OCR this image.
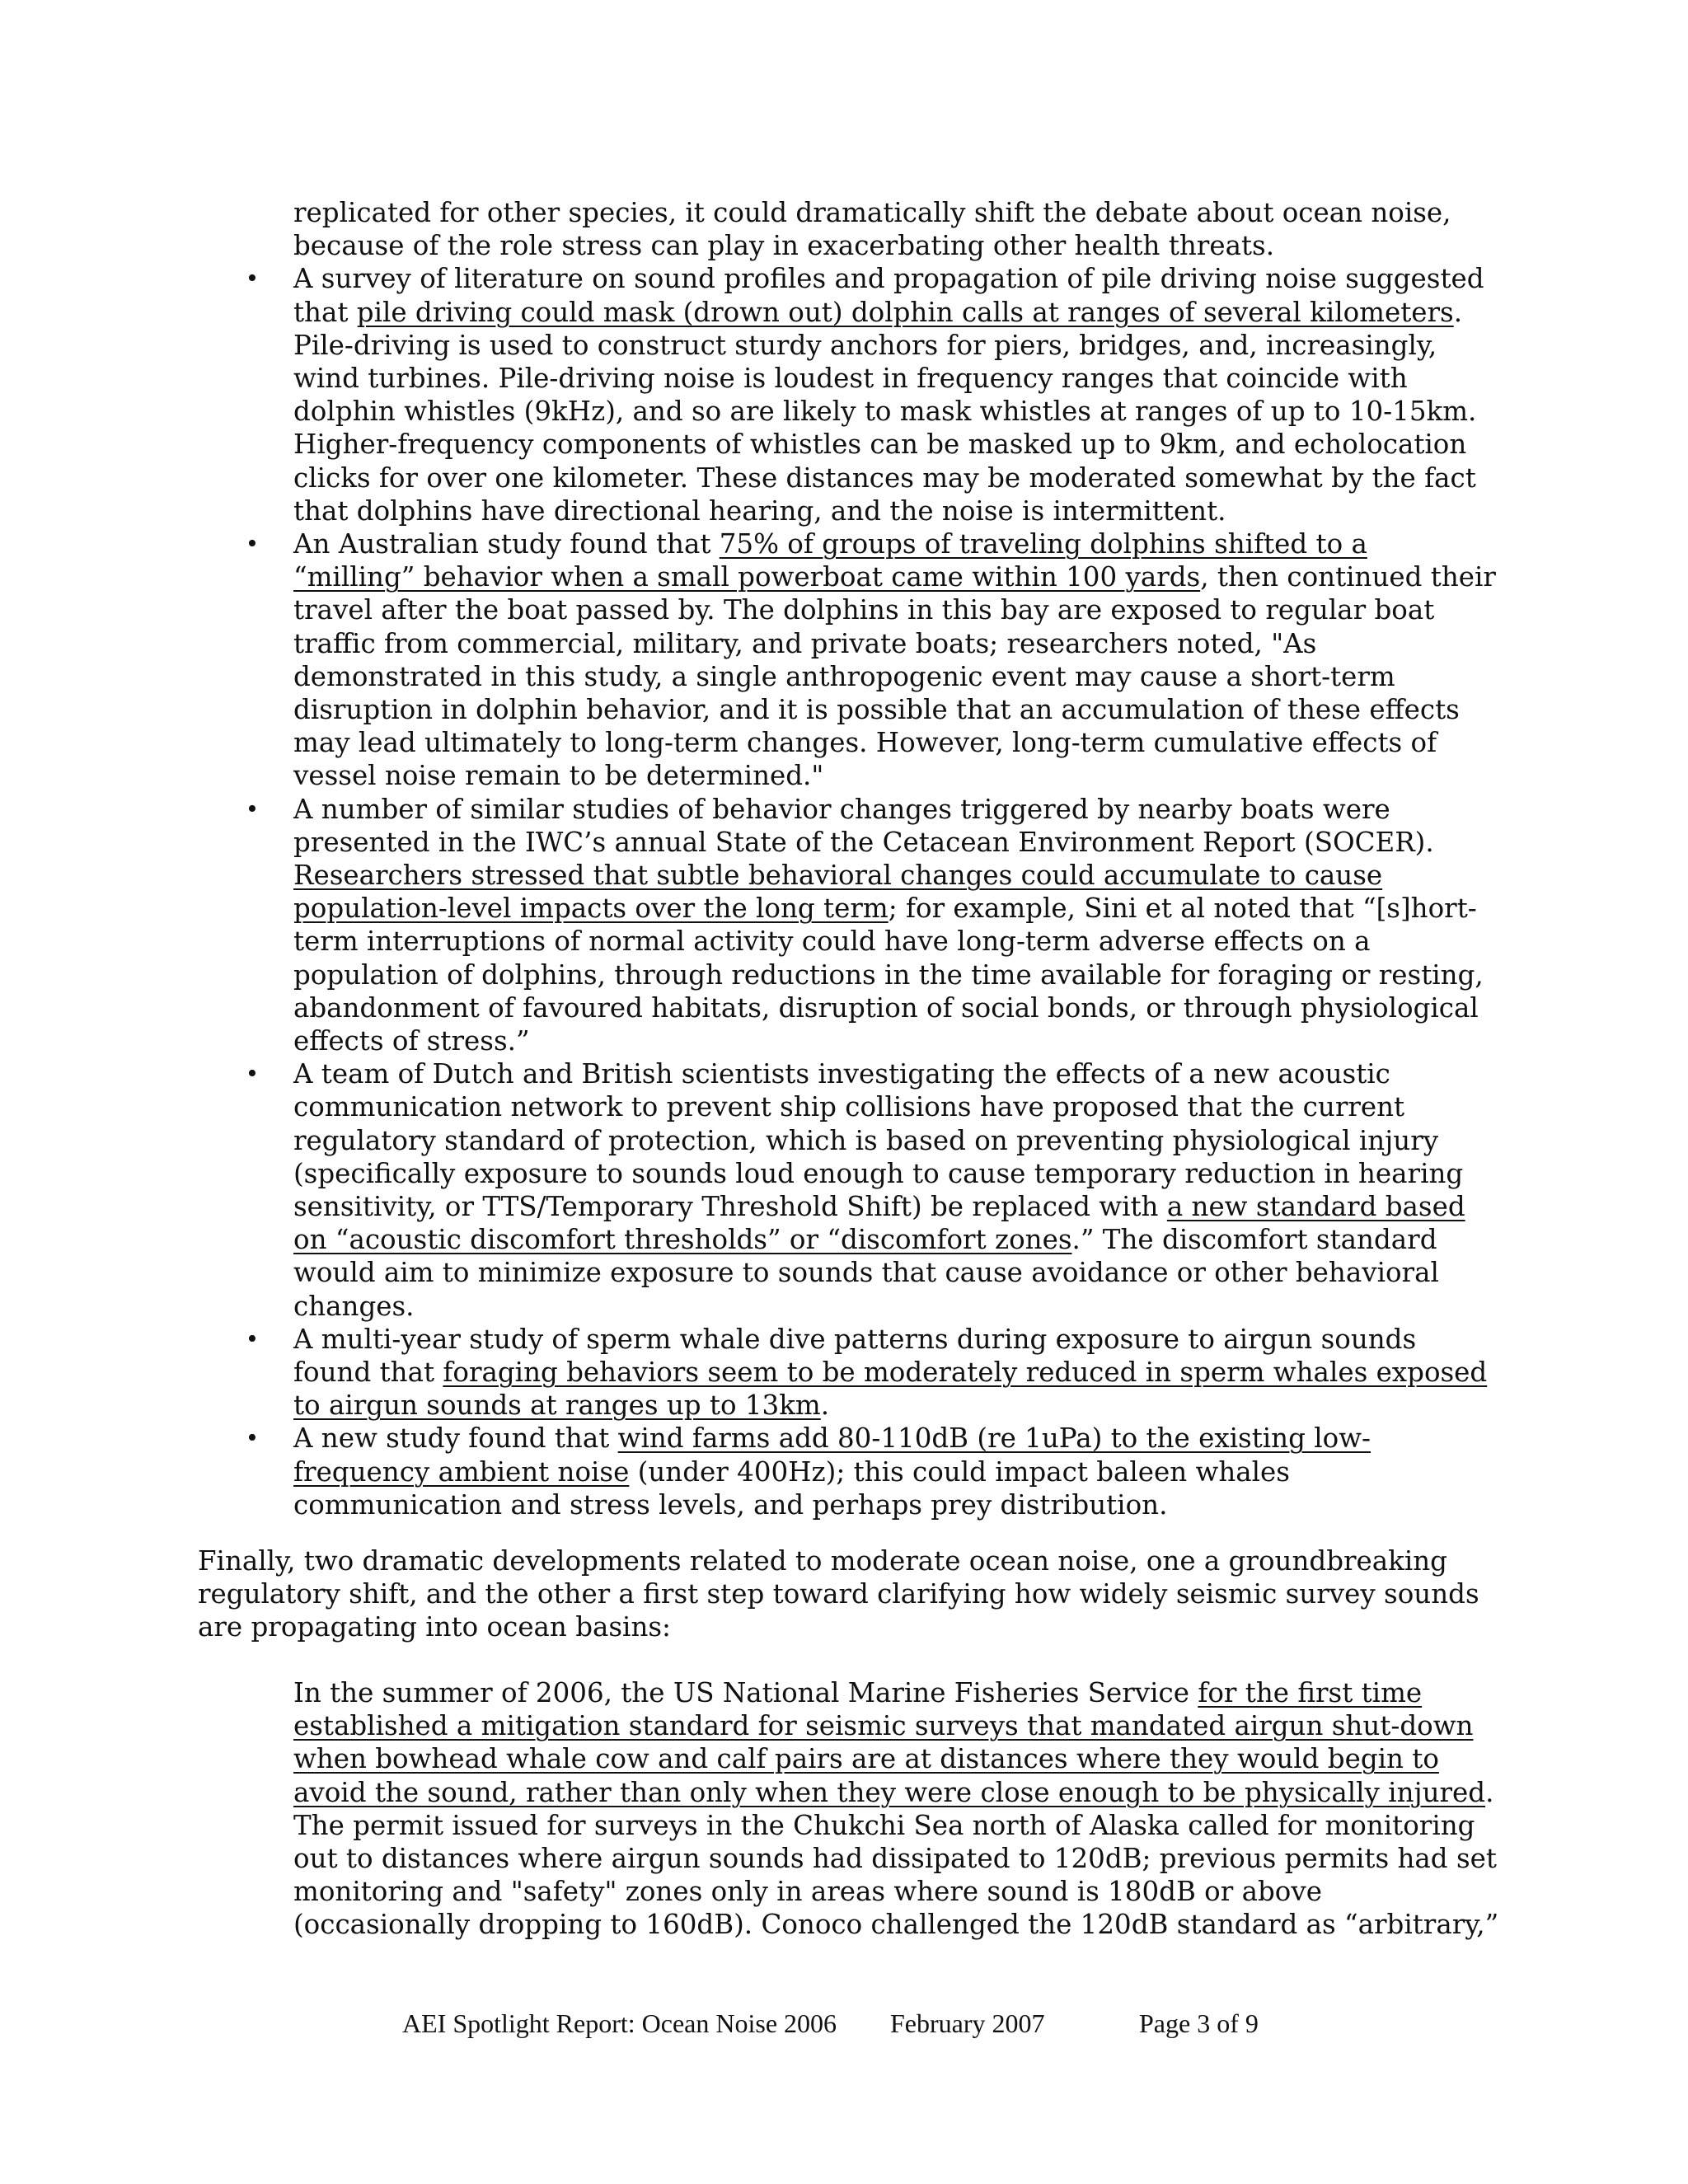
replicated for other species, it could dramatically shift the debate about ocean noise,
because of the role stress can play in exacerbating other health threats.
• A survey of literature on sound profiles and propagation of pile driving noise suggested
that pile driving could mask (drown out) dolphin calls at ranges of several kilometers.
Pile-driving is used to construct sturdy anchors for piers, bridges, and, increasingly,
wind turbines. Pile-driving noise is loudest in frequency ranges that coincide with
dolphin whistles (9kHz), and so are likely to mask whistles at ranges of up to 10-15km.
Higher-frequency components of whistles can be masked up to 9km, and echolocation
clicks for over one kilometer. These distances may be moderated somewhat by the fact
that dolphins have directional hearing, and the noise is intermittent.
• An Australian study found that 75% of groups of traveling dolphins shifted to a
“milling” behavior when a small powerboat came within 100 yards, then continued their
travel after the boat passed by. The dolphins in this bay are exposed to regular boat
traffic from commercial, military, and private boats; researchers noted, "As
demonstrated in this study, a single anthropogenic event may cause a short-term
disruption in dolphin behavior, and it is possible that an accumulation of these effects
may lead ultimately to long-term changes. However, long-term cumulative effects of
vessel noise remain to be determined."
• A number of similar studies of behavior changes triggered by nearby boats were
presented in the IWC’s annual State of the Cetacean Environment Report (SOCER).
Researchers stressed that subtle behavioral changes could accumulate to cause
population-level impacts over the long term; for example, Sini et al noted that “[s]hort-
term interruptions of normal activity could have long-term adverse effects on a
population of dolphins, through reductions in the time available for foraging or resting,
abandonment of favoured habitats, disruption of social bonds, or through physiological
effects of stress.”
• A team of Dutch and British scientists investigating the effects of a new acoustic
communication network to prevent ship collisions have proposed that the current
regulatory standard of protection, which is based on preventing physiological injury
(specifically exposure to sounds loud enough to cause temporary reduction in hearing
sensitivity, or TTS/Temporary Threshold Shift) be replaced with a new standard based
on “acoustic discomfort thresholds” or “discomfort zones.” The discomfort standard
would aim to minimize exposure to sounds that cause avoidance or other behavioral
changes.
• A multi-year study of sperm whale dive patterns during exposure to airgun sounds
found that foraging behaviors seem to be moderately reduced in sperm whales exposed
to airgun sounds at ranges up to 13km.
• A new study found that wind farms add 80-110dB (re 1uPa) to the existing low-
frequency ambient noise (under 400Hz); this could impact baleen whales
communication and stress levels, and perhaps prey distribution.
Finally, two dramatic developments related to moderate ocean noise, one a groundbreaking
regulatory shift, and the other a first step toward clarifying how widely seismic survey sounds
are propagating into ocean basins:
In the summer of 2006, the US National Marine Fisheries Service for the first time
established a mitigation standard for seismic surveys that mandated airgun shut-down
when bowhead whale cow and calf pairs are at distances where they would begin to
avoid the sound, rather than only when they were close enough to be physically injured.
The permit issued for surveys in the Chukchi Sea north of Alaska called for monitoring
out to distances where airgun sounds had dissipated to 120dB; previous permits had set
monitoring and "safety" zones only in areas where sound is 180dB or above
(occasionally dropping to 160dB). Conoco challenged the 120dB standard as “arbitrary,”
AEI Spotlight Report: Ocean Noise 2006 February 2007	Page 3 of 9
